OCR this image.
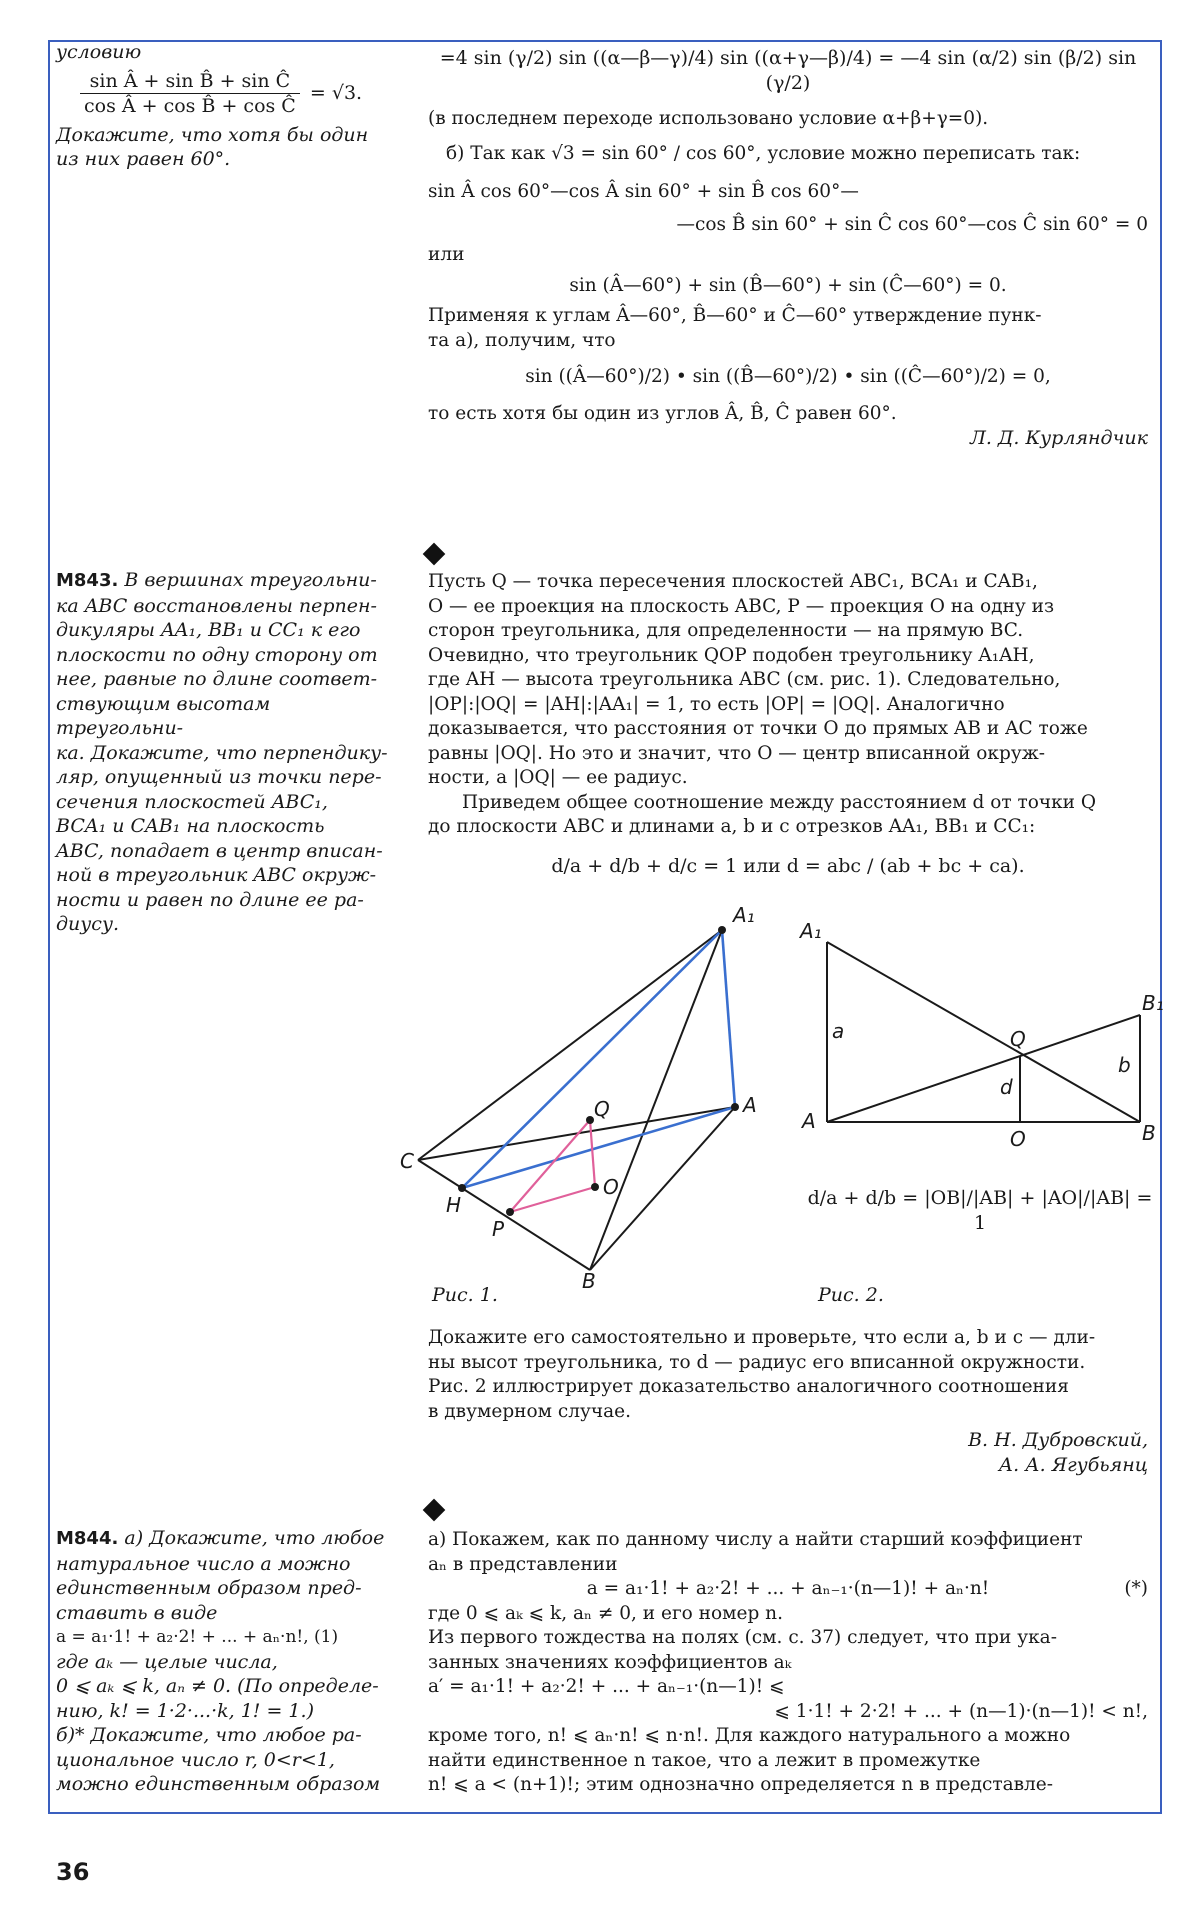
условию
$\frac{\text{sin Â + sin B̂ + sin Ĉ}}{\text{cos Â + cos B̂ + cos Ĉ}} = √3$.
Докажите, что хотя бы один
из них равен 60°.
=4 sin (γ/2) sin ((α—β—γ)/4) sin ((α+γ—β)/4) = —4 sin (α/2) sin (β/2) sin (γ/2)
(в последнем переходе использовано условие α+β+γ=0).
б) Так как √3 = sin 60° / cos 60°, условие можно переписать так:
sin Â cos 60°—cos Â sin 60° + sin B̂ cos 60°—
—cos B̂ sin 60° + sin Ĉ cos 60°—cos Ĉ sin 60° = 0
или
sin (Â—60°) + sin (B̂—60°) + sin (Ĉ—60°) = 0.
Применяя к углам Â—60°, B̂—60° и Ĉ—60° утверждение пунк-
та а), получим, что
sin ((Â—60°)/2) • sin ((B̂—60°)/2) • sin ((Ĉ—60°)/2) = 0,
то есть хотя бы один из углов Â, B̂, Ĉ равен 60°.
Л. Д. Курляндчик
М843. В вершинах треугольни-
ка ABC восстановлены перпен-
дикуляры AA₁, BB₁ и CC₁ к его
плоскости по одну сторону от
нее, равные по длине соответ-
ствующим высотам треугольни-
ка. Докажите, что перпендику-
ляр, опущенный из точки пере-
сечения плоскостей ABC₁,
BCA₁ и CAB₁ на плоскость
ABC, попадает в центр вписан-
ной в треугольник ABC окруж-
ности и равен по длине ее ра-
диусу.
Пусть Q — точка пересечения плоскостей ABC₁, BCA₁ и CAB₁,
O — ее проекция на плоскость ABC, P — проекция O на одну из
сторон треугольника, для определенности — на прямую BC.
Очевидно, что треугольник QOP подобен треугольнику A₁AH,
где AH — высота треугольника ABC (см. рис. 1). Следовательно,
|OP|:|OQ| = |AH|:|AA₁| = 1, то есть |OP| = |OQ|. Аналогично
доказывается, что расстояния от точки O до прямых AB и AC тоже
равны |OQ|. Но это и значит, что O — центр вписанной окруж-
ности, а |OQ| — ее радиус.
Приведем общее соотношение между расстоянием d от точки Q
до плоскости ABC и длинами a, b и c отрезков AA₁, BB₁ и CC₁:
d/a + d/b + d/c = 1 или d = abc / (ab + bc + ca).
A₁
A
B
C
H
P
Q
O
Рис. 1.
A₁
B₁
A	B
Q
O
a
b
d
d/a + d/b = |OB|/|AB| + |AO|/|AB| = 1
Рис. 2.
Докажите его самостоятельно и проверьте, что если a, b и c — дли-
ны высот треугольника, то d — радиус его вписанной окружности.
Рис. 2 иллюстрирует доказательство аналогичного соотношения
в двумерном случае.
В. Н. Дубровский,
А. А. Ягубьянц
М844. а) Докажите, что любое
натуральное число a можно
единственным образом пред-
ставить в виде
a = a₁·1! + a₂·2! + ... + aₙ·n!, (1)
где aₖ — целые числа,
0 ⩽ aₖ ⩽ k, aₙ ≠ 0. (По определе-
нию, k! = 1·2·...·k, 1! = 1.)
б)* Докажите, что любое ра-
циональное число r, 0<r<1,
можно единственным образом
а) Покажем, как по данному числу a найти старший коэффициент
aₙ в представлении
a = a₁·1! + a₂·2! + ... + aₙ₋₁·(n—1)! + aₙ·n!	(*)
где 0 ⩽ aₖ ⩽ k, aₙ ≠ 0, и его номер n.
Из первого тождества на полях (см. с. 37) следует, что при ука-
занных значениях коэффициентов aₖ
a′ = a₁·1! + a₂·2! + ... + aₙ₋₁·(n—1)! ⩽
⩽ 1·1! + 2·2! + ... + (n—1)·(n—1)! < n!,
кроме того, n! ⩽ aₙ·n! ⩽ n·n!. Для каждого натурального a можно
найти единственное n такое, что a лежит в промежутке
n! ⩽ a < (n+1)!; этим однозначно определяется n в представле-
36
